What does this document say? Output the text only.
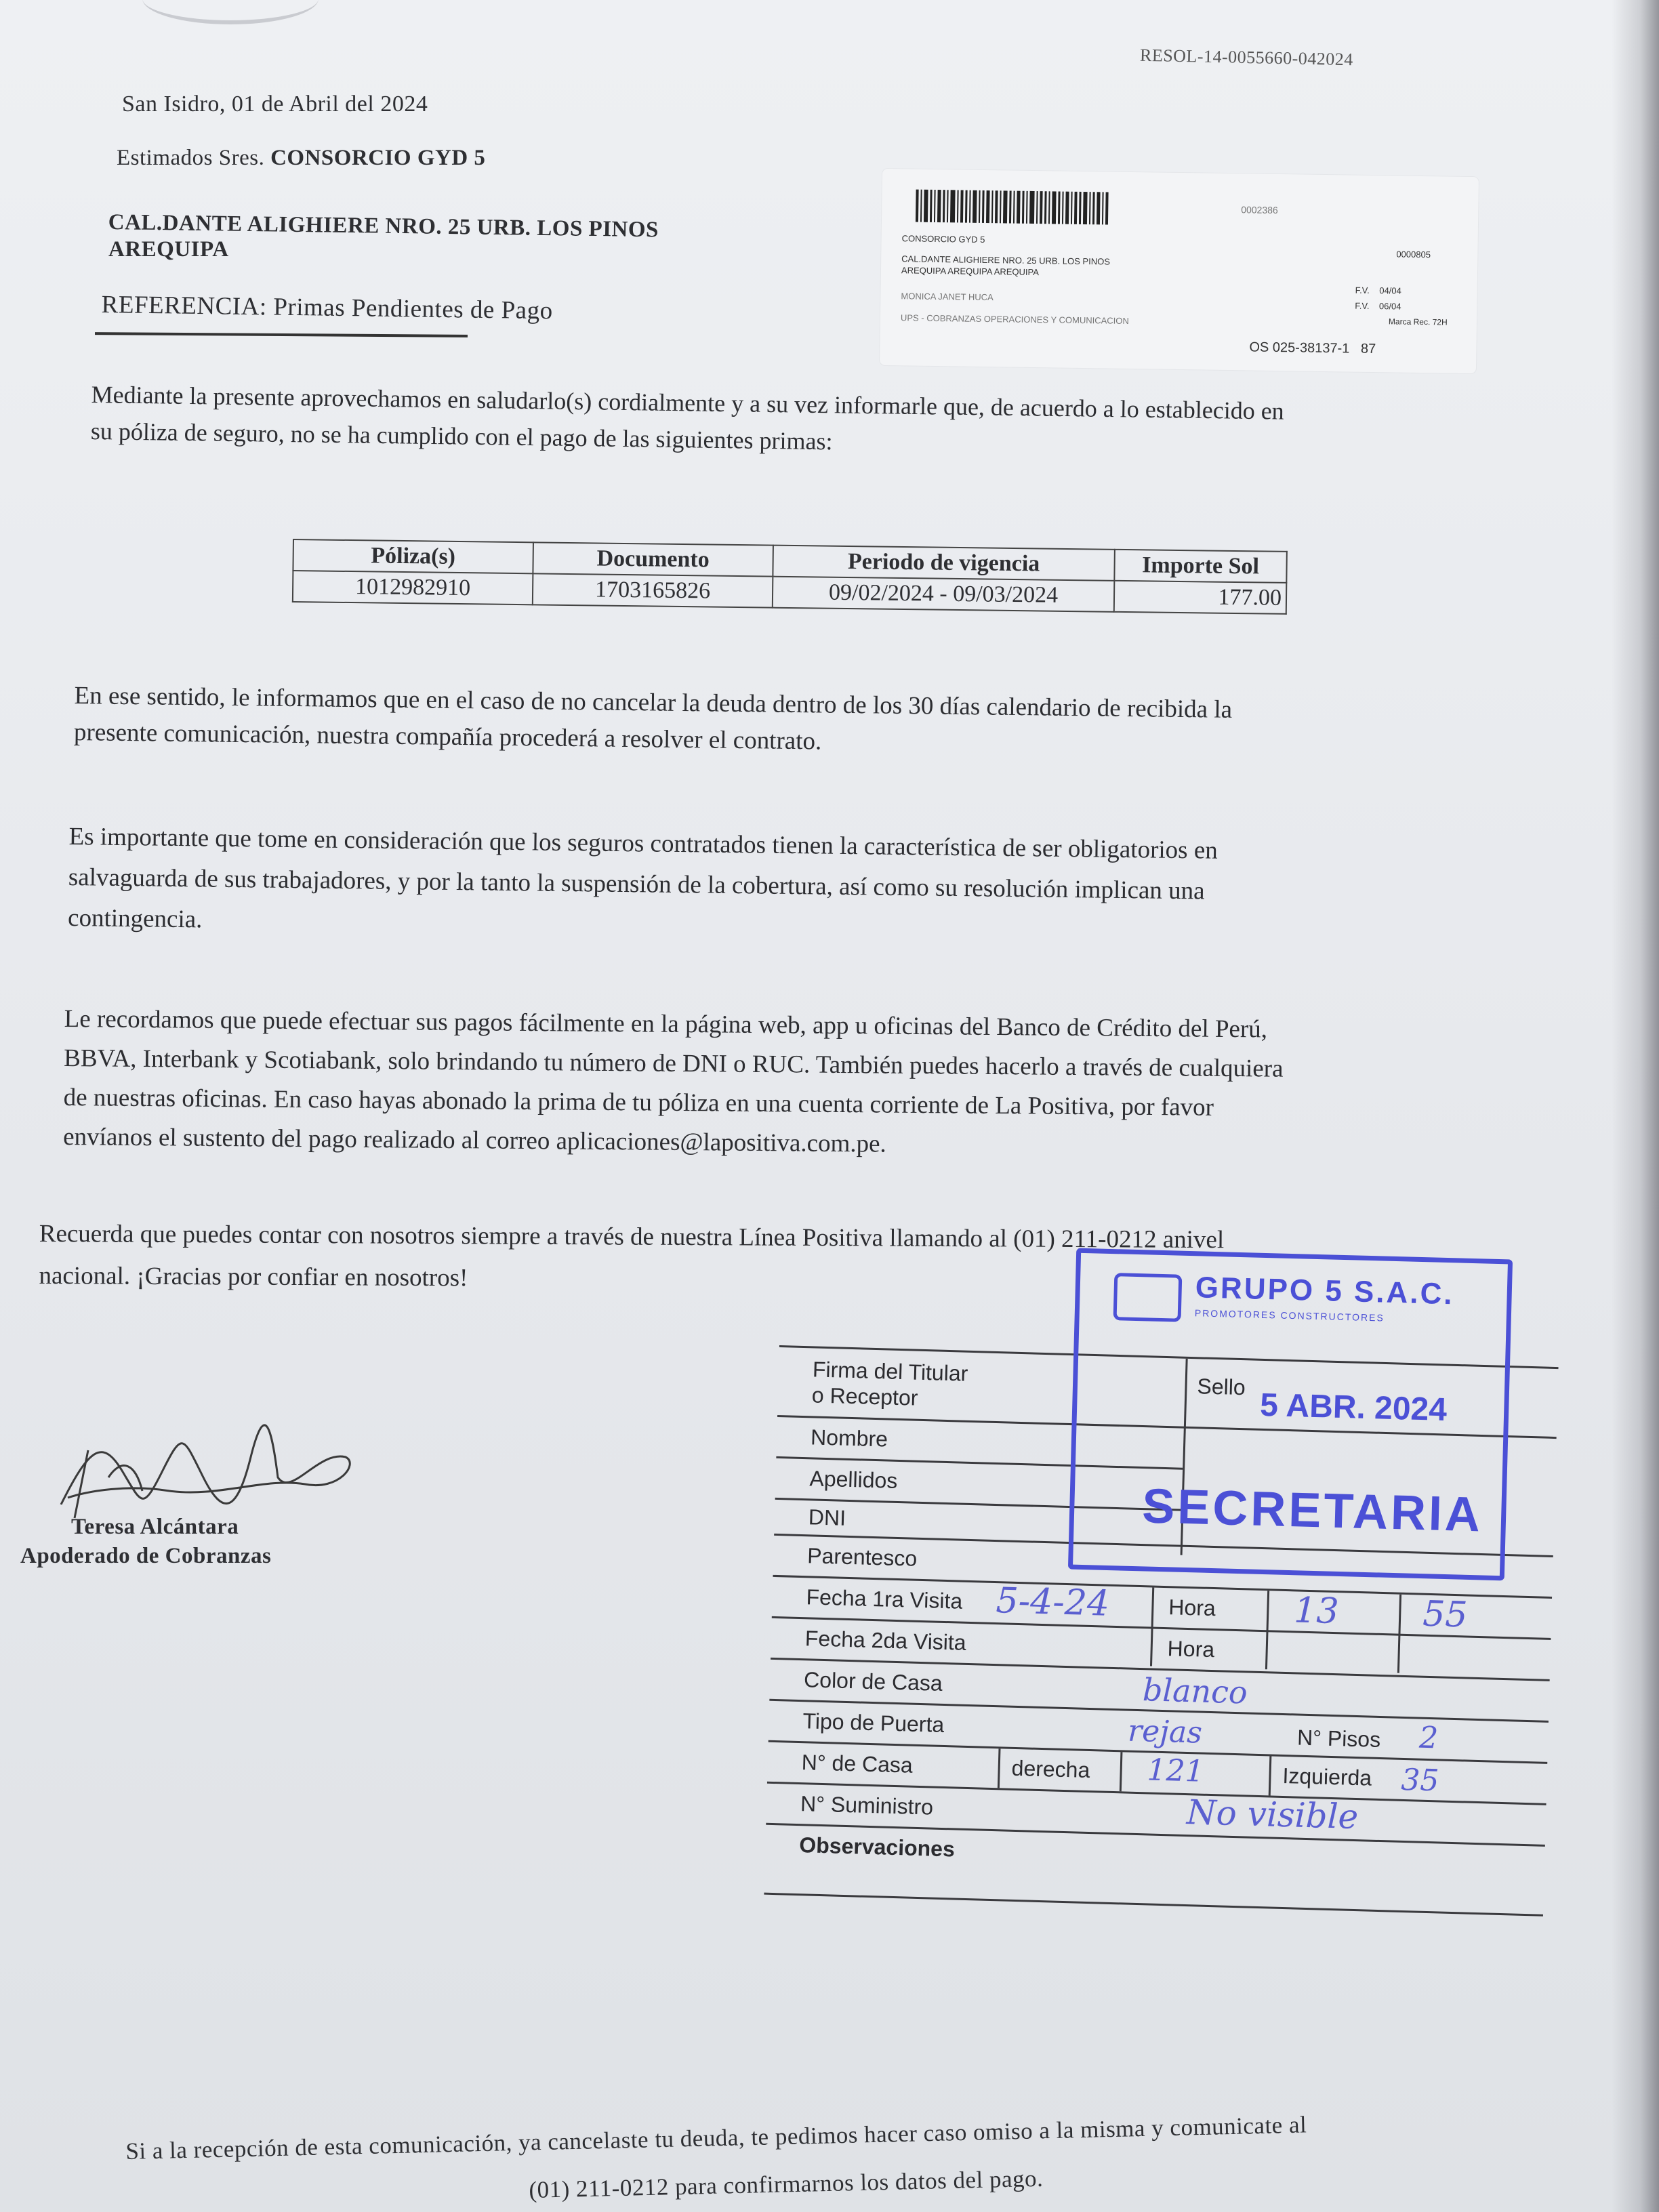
RESOL-14-0055660-042024
San Isidro, 01 de Abril del 2024
Estimados Sres. CONSORCIO GYD 5
CAL.DANTE ALIGHIERE NRO. 25 URB. LOS PINOS
AREQUIPA
REFERENCIA: Primas Pendientes de Pago
0002386
CONSORCIO GYD 5
0000805
CAL.DANTE ALIGHIERE NRO. 25 URB. LOS PINOS
AREQUIPA AREQUIPA AREQUIPA
MONICA JANET HUCA
F.V. 04/04
F.V. 06/04
UPS - COBRANZAS OPERACIONES Y COMUNICACION	Marca Rec. 72H
OS 025-38137-1 87

Mediante la presente aprovechamos en saludarlo(s) cordialmente y a su vez informarle que, de acuerdo a lo establecido en

su póliza de seguro, no se ha cumplido con el pago de las siguientes primas:

Póliza(s)	Documento	Periodo de vigencia	Importe Sol
1012982910	1703165826	09/02/2024 - 09/03/2024	177.00

En ese sentido, le informamos que en el caso de no cancelar la deuda dentro de los 30 días calendario de recibida la

presente comunicación, nuestra compañía procederá a resolver el contrato.

Es importante que tome en consideración que los seguros contratados tienen la característica de ser obligatorios en

salvaguarda de sus trabajadores, y por la tanto la suspensión de la cobertura, así como su resolución implican una

contingencia.

Le recordamos que puede efectuar sus pagos fácilmente en la página web, app u oficinas del Banco de Crédito del Perú,

BBVA, Interbank y Scotiabank, solo brindando tu número de DNI o RUC. También puedes hacerlo a través de cualquiera

de nuestras oficinas. En caso hayas abonado la prima de tu póliza en una cuenta corriente de La Positiva, por favor

envíanos el sustento del pago realizado al correo aplicaciones@lapositiva.com.pe.

Recuerda que puedes contar con nosotros siempre a través de nuestra Línea Positiva llamando al (01) 211-0212 anivel

nacional. ¡Gracias por confiar en nosotros!

Teresa Alcántara
Apoderado de Cobranzas
Firma del Titular
o Receptor	Sello
Nombre
Apellidos
DNI
Parentesco
Fecha 1ra Visita 5-4-24	Hora 13 55
Fecha 2da Visita	Hora
Color de Casa	blanco
Tipo de Puerta	rejas	N° Pisos 2
N° de Casa	derecha 121	Izquierda 35
N° Suministro	No visible
Observaciones
GRUPO 5 S.A.C.
PROMOTORES CONSTRUCTORES
5 ABR. 2024
SECRETARIA
Si a la recepción de esta comunicación, ya cancelaste tu deuda, te pedimos hacer caso omiso a la misma y comunicate al
(01) 211-0212 para confirmarnos los datos del pago.
